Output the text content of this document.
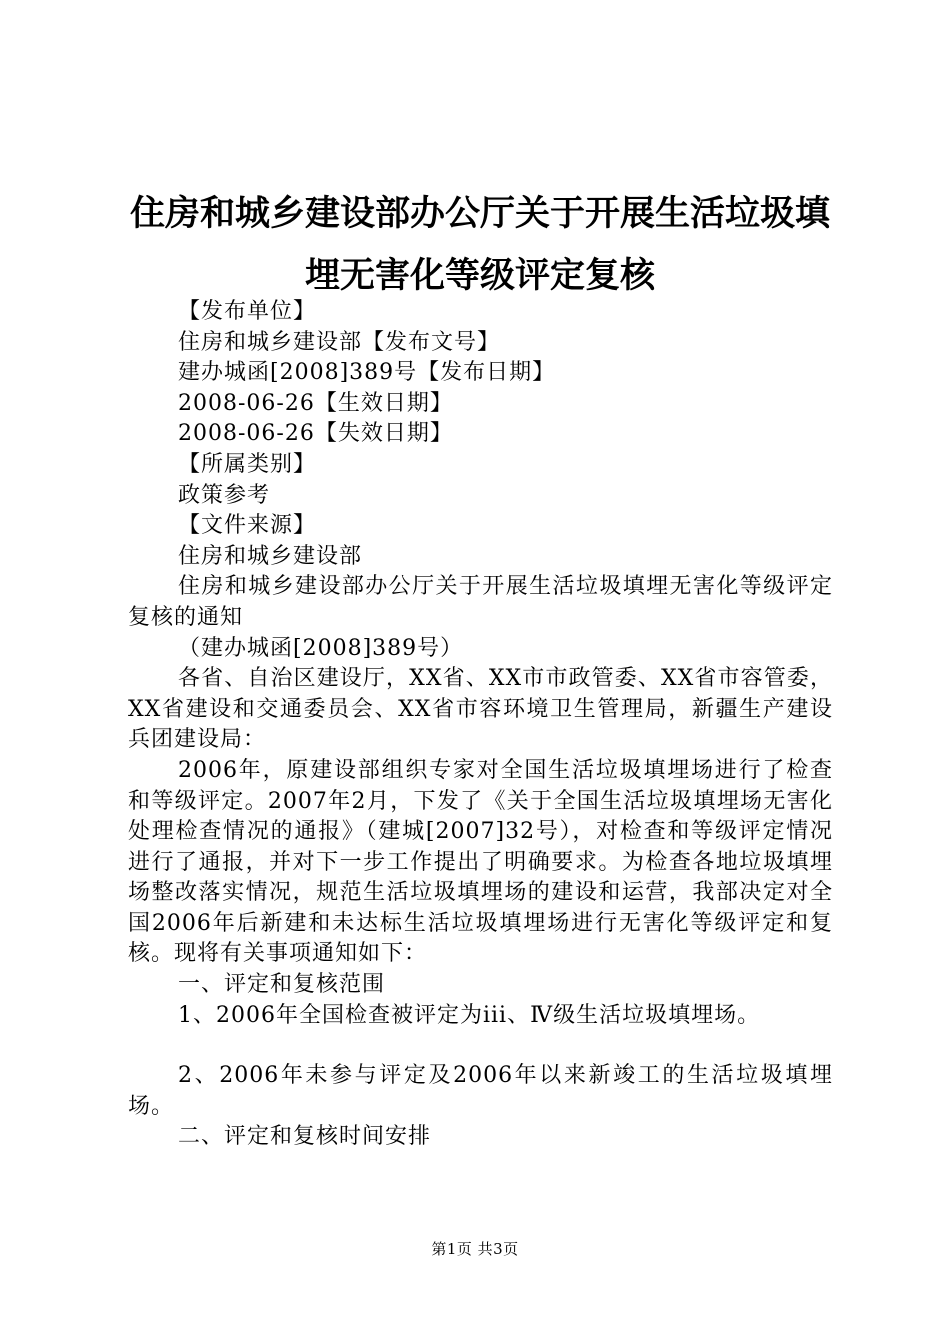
住房和城乡建设部办公厅关于开展生活垃圾填
埋无害化等级评定复核

【发布单位】

住房和城乡建设部【发布文号】

建办城函[2008]389号【发布日期】

2008-06-26【生效日期】

2008-06-26【失效日期】

【所属类别】

政策参考

【文件来源】

住房和城乡建设部

住房和城乡建设部办公厅关于开展生活垃圾填埋无害化等级评定复核的通知

（建办城函[2008]389号）

各省、自治区建设厅，XX省、XX市市政管委、XX省市容管委，XX省建设和交通委员会、XX省市容环境卫生管理局，新疆生产建设兵团建设局：

2006年，原建设部组织专家对全国生活垃圾填埋场进行了检查和等级评定。2007年2月，下发了《关于全国生活垃圾填埋场无害化处理检查情况的通报》（建城[2007]32号），对检查和等级评定情况进行了通报，并对下一步工作提出了明确要求。为检查各地垃圾填埋场整改落实情况，规范生活垃圾填埋场的建设和运营，我部决定对全国2006年后新建和未达标生活垃圾填埋场进行无害化等级评定和复核。现将有关事项通知如下：

一、评定和复核范围

1、2006年全国检查被评定为iii、Ⅳ级生活垃圾填埋场。

2、2006年未参与评定及2006年以来新竣工的生活垃圾填埋场。

二、评定和复核时间安排

第1页 共3页
